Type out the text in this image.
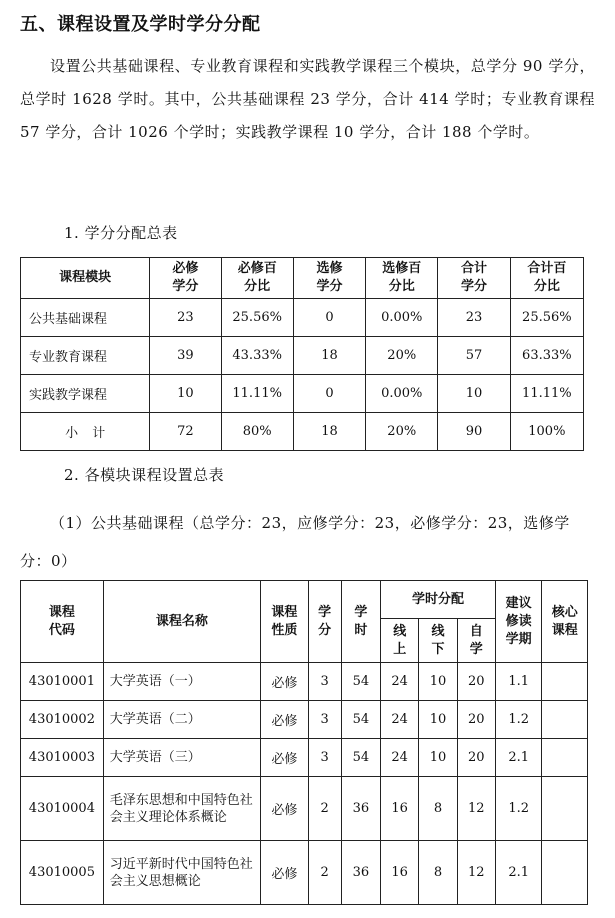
五、课程设置及学时学分分配
设置公共基础课程、专业教育课程和实践教学课程三个模块，总学分 90 学分，总学时 1628 学时。其中，公共基础课程 23 学分，合计 414 学时；专业教育课程 57 学分，合计 1026 个学时；实践教学课程 10 学分，合计 188 个学时。
1. 学分分配总表
课程模块	必修学分	必修百分比	选修学分	选修百分比	合计学分	合计百分比
公共基础课程	23	25.56%	0	0.00%	23	25.56%
专业教育课程	39	43.33%	18	20%	57	63.33%
实践教学课程	10	11.11%	0	0.00%	10	11.11%
小 计	72	80%	18	20%	90	100%
2. 各模块课程设置总表
（1）公共基础课程（总学分：23，应修学分：23，必修学分：23，选修学分：0）
课程代码	课程名称	课程性质	学分	学时	学时分配			建议修读学期	核心课程
					线上	线下	自学		
43010001	大学英语（一）	必修	3	54	24	10	20	1.1	
43010002	大学英语（二）	必修	3	54	24	10	20	1.2	
43010003	大学英语（三）	必修	3	54	24	10	20	2.1	
43010004	毛泽东思想和中国特色社会主义理论体系概论	必修	2	36	16	8	12	1.2	
43010005	习近平新时代中国特色社会主义思想概论	必修	2	36	16	8	12	2.1	
